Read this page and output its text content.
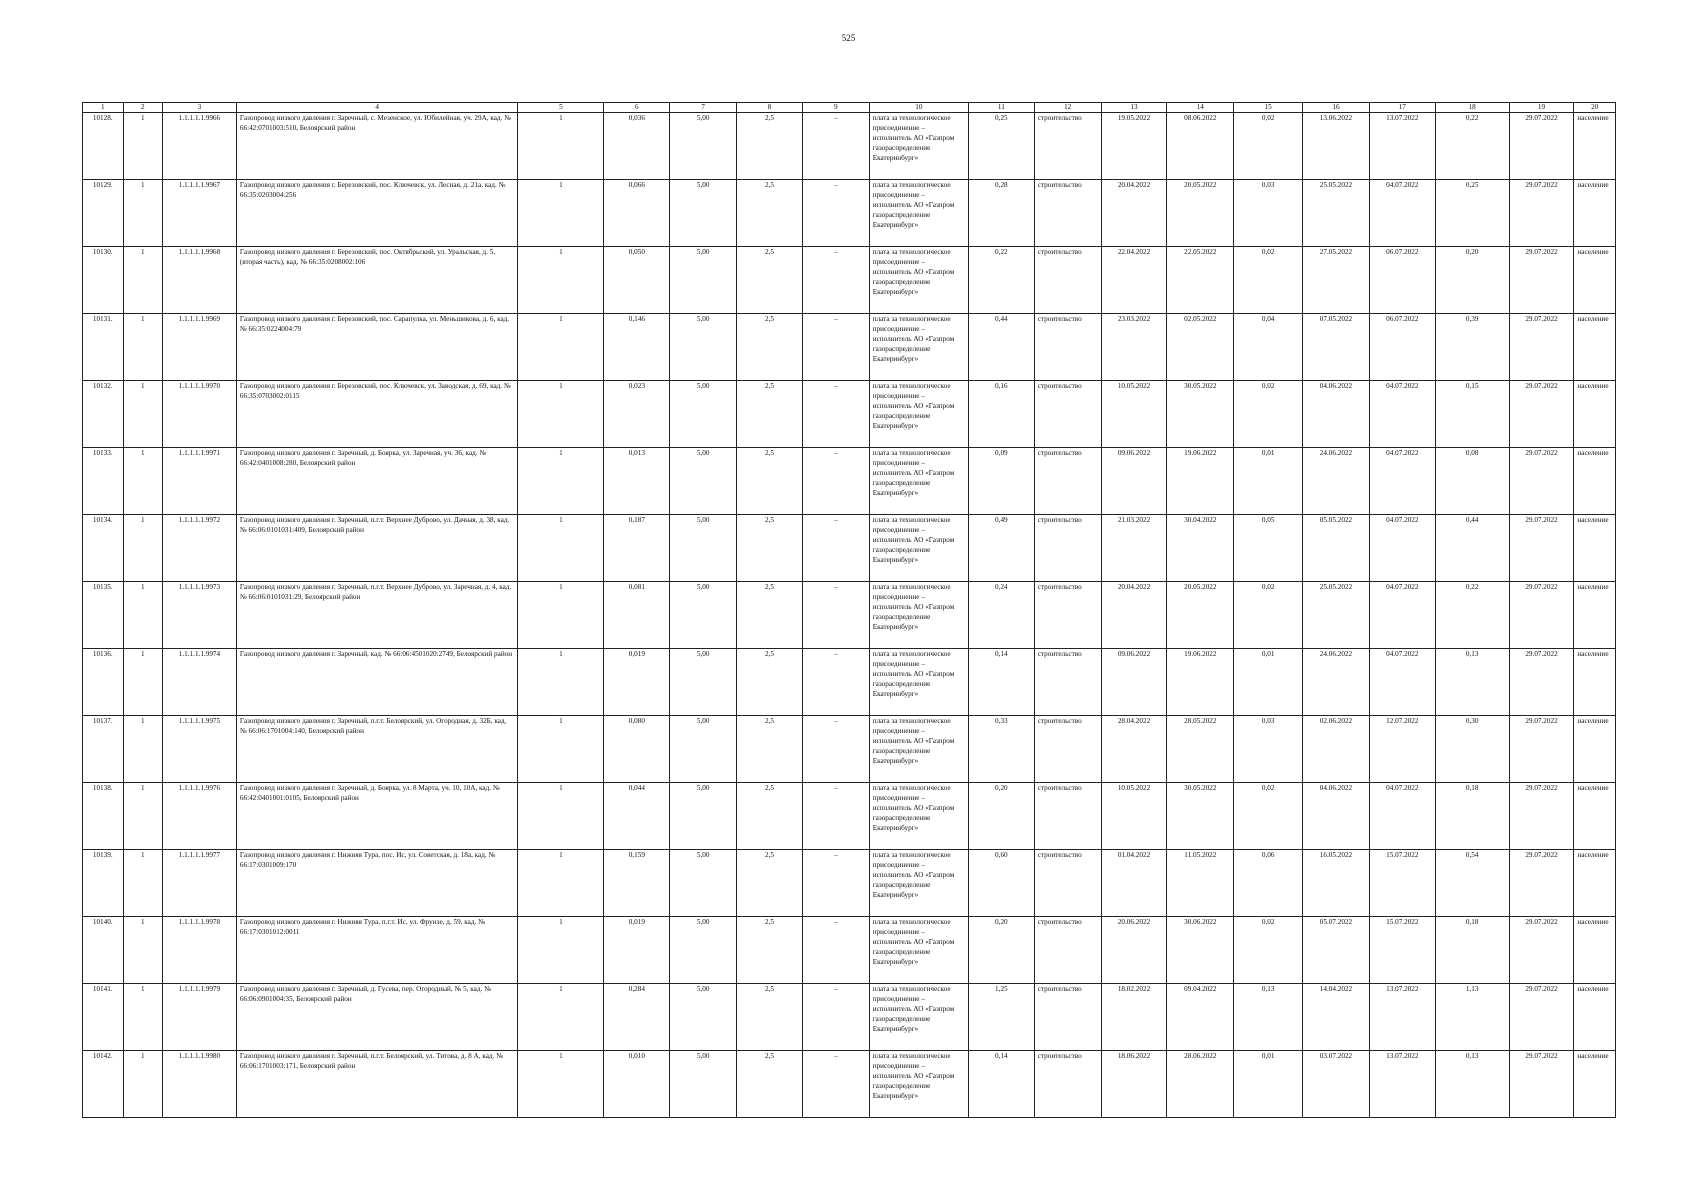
525
1	2	3	4	5	6	7	8	9	10	11	12	13	14	15	16	17	18	19	20
10128.	1	1.1.1.1.1.9966	Газопровод низкого давления г. Заречный, с. Мезенское, ул. Юбилейная, уч. 29А, кад. № 66:42:0701003:510, Белоярский район	1	0,036	5,00	2,5	–	плата за технологическое присоединение – исполнитель АО «Газпром газораспределение Екатеринбург»	0,25	строительство	19.05.2022	08.06.2022	0,02	13.06.2022	13.07.2022	0,22	29.07.2022	население
10129.	1	1.1.1.1.1.9967	Газопровод низкого давления г. Березовский, пос. Ключевск, ул. Лесная, д. 21а, кад. № 66:35:0203004:256	1	0,066	5,00	2,5	–	плата за технологическое присоединение – исполнитель АО «Газпром газораспределение Екатеринбург»	0,28	строительство	20.04.2022	20.05.2022	0,03	25.05.2022	04.07.2022	0,25	29.07.2022	население
10130.	1	1.1.1.1.1.9968	Газопровод низкого давления г. Березовский, пос. Октябрьский, ул. Уральская, д. 5, (вторая часть), кад. № 66:35:0208002:106	1	0,050	5,00	2,5	–	плата за технологическое присоединение – исполнитель АО «Газпром газораспределение Екатеринбург»	0,22	строительство	22.04.2022	22.05.2022	0,02	27.05.2022	06.07.2022	0,20	29.07.2022	население
10131.	1	1.1.1.1.1.9969	Газопровод низкого давления г. Березовский, пос. Сарапулка, ул. Меньшикова, д. 6, кад. № 66:35:0224004:79	1	0,146	5,00	2,5	–	плата за технологическое присоединение – исполнитель АО «Газпром газораспределение Екатеринбург»	0,44	строительство	23.03.2022	02.05.2022	0,04	07.05.2022	06.07.2022	0,39	29.07.2022	население
10132.	1	1.1.1.1.1.9970	Газопровод низкого давления г. Березовский, пос. Ключевск, ул. Заводская, д. 69, кад. № 66:35:0703002:0115	1	0,023	5,00	2,5	–	плата за технологическое присоединение – исполнитель АО «Газпром газораспределение Екатеринбург»	0,16	строительство	10.05.2022	30.05.2022	0,02	04.06.2022	04.07.2022	0,15	29.07.2022	население
10133.	1	1.1.1.1.1.9971	Газопровод низкого давления г. Заречный, д. Боярка, ул. Заречная, уч. 36, кад. № 66:42:0401008:280, Белоярский район	1	0,013	5,00	2,5	–	плата за технологическое присоединение – исполнитель АО «Газпром газораспределение Екатеринбург»	0,09	строительство	09.06.2022	19.06.2022	0,01	24.06.2022	04.07.2022	0,08	29.07.2022	население
10134.	1	1.1.1.1.1.9972	Газопровод низкого давления г. Заречный, п.г.т. Верхнее Дуброво, ул. Дачная, д. 38, кад. № 66:06:0101031:409, Белоярский район	1	0,187	5,00	2,5	–	плата за технологическое присоединение – исполнитель АО «Газпром газораспределение Екатеринбург»	0,49	строительство	21.03.2022	30.04.2022	0,05	05.05.2022	04.07.2022	0,44	29.07.2022	население
10135.	1	1.1.1.1.1.9973	Газопровод низкого давления г. Заречный, п.г.т. Верхнее Дуброво, ул. Заречная, д. 4, кад. № 66:06:0101031:29, Белоярский район	1	0,081	5,00	2,5	–	плата за технологическое присоединение – исполнитель АО «Газпром газораспределение Екатеринбург»	0,24	строительство	20.04.2022	20.05.2022	0,02	25.05.2022	04.07.2022	0,22	29.07.2022	население
10136.	1	1.1.1.1.1.9974	Газопровод низкого давления г. Заречный, кад. № 66:06:4501020:2749, Белоярский район	1	0,019	5,00	2,5	–	плата за технологическое присоединение – исполнитель АО «Газпром газораспределение Екатеринбург»	0,14	строительство	09.06.2022	19.06.2022	0,01	24.06.2022	04.07.2022	0,13	29.07.2022	население
10137.	1	1.1.1.1.1.9975	Газопровод низкого давления г. Заречный, п.г.т. Белоярский, ул. Огородная, д. 32Б, кад. № 66:06:1701004:140, Белоярский район	1	0,080	5,00	2,5	–	плата за технологическое присоединение – исполнитель АО «Газпром газораспределение Екатеринбург»	0,33	строительство	28.04.2022	28.05.2022	0,03	02.06.2022	12.07.2022	0,30	29.07.2022	население
10138.	1	1.1.1.1.1.9976	Газопровод низкого давления г. Заречный, д. Боярка, ул. 8 Марта, уч. 10, 10А, кад. № 66:42:0401001:0105, Белоярский район	1	0,044	5,00	2,5	–	плата за технологическое присоединение – исполнитель АО «Газпром газораспределение Екатеринбург»	0,20	строительство	10.05.2022	30.05.2022	0,02	04.06.2022	04.07.2022	0,18	29.07.2022	население
10139.	1	1.1.1.1.1.9977	Газопровод низкого давления г. Нижняя Тура, пос. Ис, ул. Советская, д. 18а, кад. № 66:17:0301009:170	1	0,159	5,00	2,5	–	плата за технологическое присоединение – исполнитель АО «Газпром газораспределение Екатеринбург»	0,60	строительство	01.04.2022	11.05.2022	0,06	16.05.2022	15.07.2022	0,54	29.07.2022	население
10140.	1	1.1.1.1.1.9978	Газопровод низкого давления г. Нижняя Тура, п.г.т. Ис, ул. Фрунзе, д. 59, кад. № 66:17:0301012:0011	1	0,019	5,00	2,5	–	плата за технологическое присоединение – исполнитель АО «Газпром газораспределение Екатеринбург»	0,20	строительство	20.06.2022	30.06.2022	0,02	05.07.2022	15.07.2022	0,18	29.07.2022	население
10141.	1	1.1.1.1.1.9979	Газопровод низкого давления г. Заречный, д. Гусева, пер. Огородный, № 5, кад. № 66:06:0901004:35, Белоярский район	1	0,284	5,00	2,5	–	плата за технологическое присоединение – исполнитель АО «Газпром газораспределение Екатеринбург»	1,25	строительство	18.02.2022	09.04.2022	0,13	14.04.2022	13.07.2022	1,13	29.07.2022	население
10142.	1	1.1.1.1.1.9980	Газопровод низкого давления г. Заречный, п.г.т. Белоярский, ул. Титова, д. 8 А, кад. № 66:06:1701003:171, Белоярский район	1	0,010	5,00	2,5	–	плата за технологическое присоединение – исполнитель АО «Газпром газораспределение Екатеринбург»	0,14	строительство	18.06.2022	28.06.2022	0,01	03.07.2022	13.07.2022	0,13	29.07.2022	население
